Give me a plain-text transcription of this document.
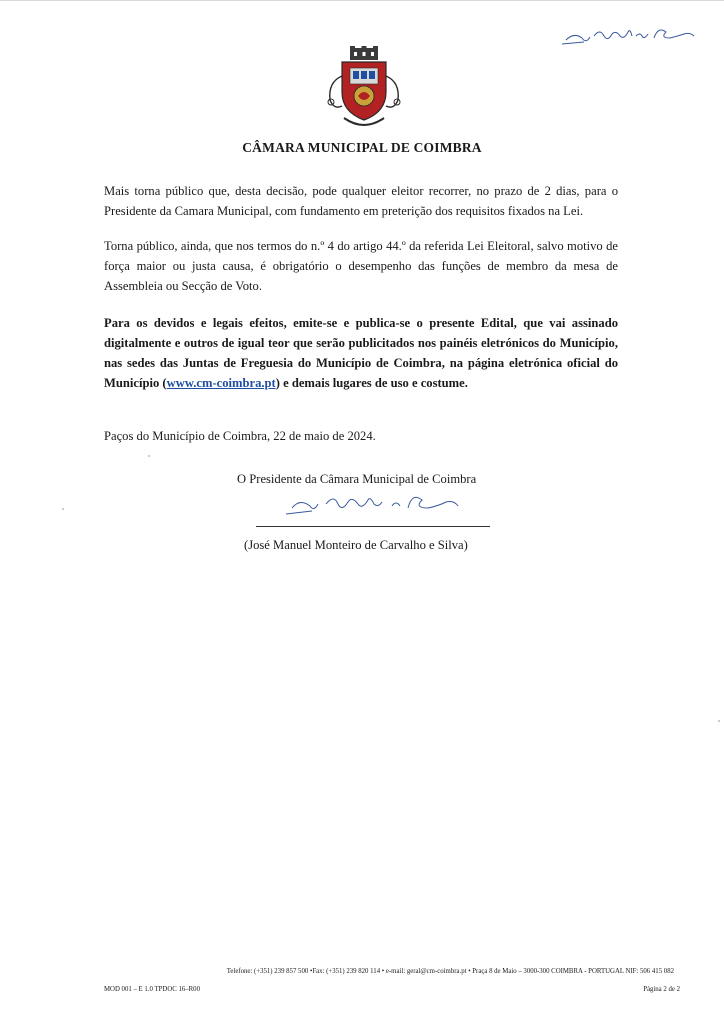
CÂMARA MUNICIPAL DE COIMBRA
Mais torna público que, desta decisão, pode qualquer eleitor recorrer, no prazo de 2 dias, para o Presidente da Camara Municipal, com fundamento em preterição dos requisitos fixados na Lei.
Torna público, ainda, que nos termos do n.º 4 do artigo 44.º da referida Lei Eleitoral, salvo motivo de força maior ou justa causa, é obrigatório o desempenho das funções de membro da mesa de Assembleia ou Secção de Voto.
Para os devidos e legais efeitos, emite-se e publica-se o presente Edital, que vai assinado digitalmente e outros de igual teor que serão publicitados nos painéis eletrónicos do Município, nas sedes das Juntas de Freguesia do Município de Coimbra, na página eletrónica oficial do Município (www.cm-coimbra.pt) e demais lugares de uso e costume.
Paços do Município de Coimbra, 22 de maio de 2024.
O Presidente da Câmara Municipal de Coimbra
(José Manuel Monteiro de Carvalho e Silva)
Telefone: (+351) 239 857 500 •Fax: (+351) 239 820 114 • e-mail: geral@cm-coimbra.pt • Praça 8 de Maio – 3000-300 COIMBRA - PORTUGAL NIF: 506 415 082
MOD 001 – E 1.0 TPDOC 16–R00	Página 2 de 2
